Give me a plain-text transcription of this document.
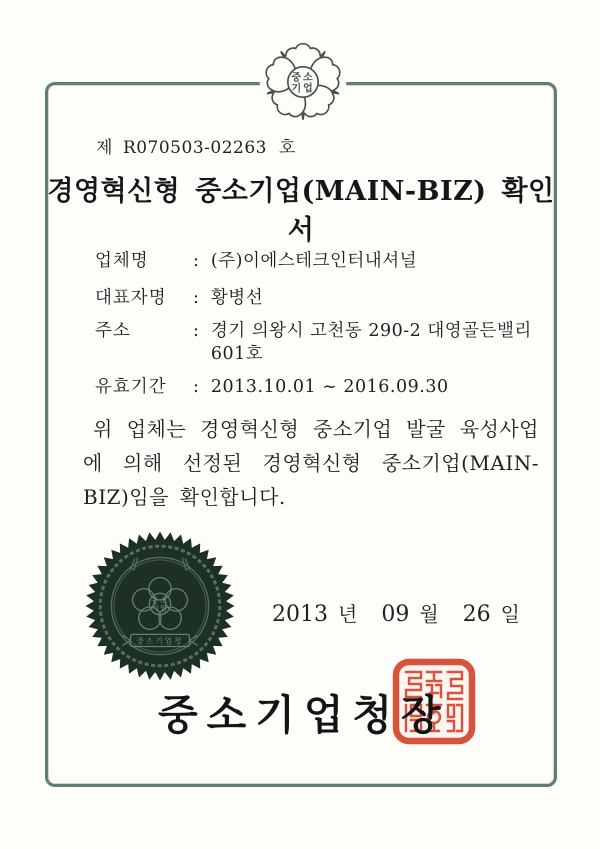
중소
기업
제 R070503-02263 호
경영혁신형 중소기업(MAIN-BIZ) 확인서
업체명	: (주)이에스테크인터내셔널
대표자명	: 황병선
주소	: 경기 의왕시 고천동 290-2 대영골든밸리 601호
유효기간	: 2013.10.01 ~ 2016.09.30

위 업체는 경영혁신형 중소기업 발굴 육성사업에 의해 선정된 경영혁신형 중소기업(MAIN-BIZ)임을 확인합니다.

중소
기업
중소기업청
2013 년 09 월 26 일
중소기업청장
